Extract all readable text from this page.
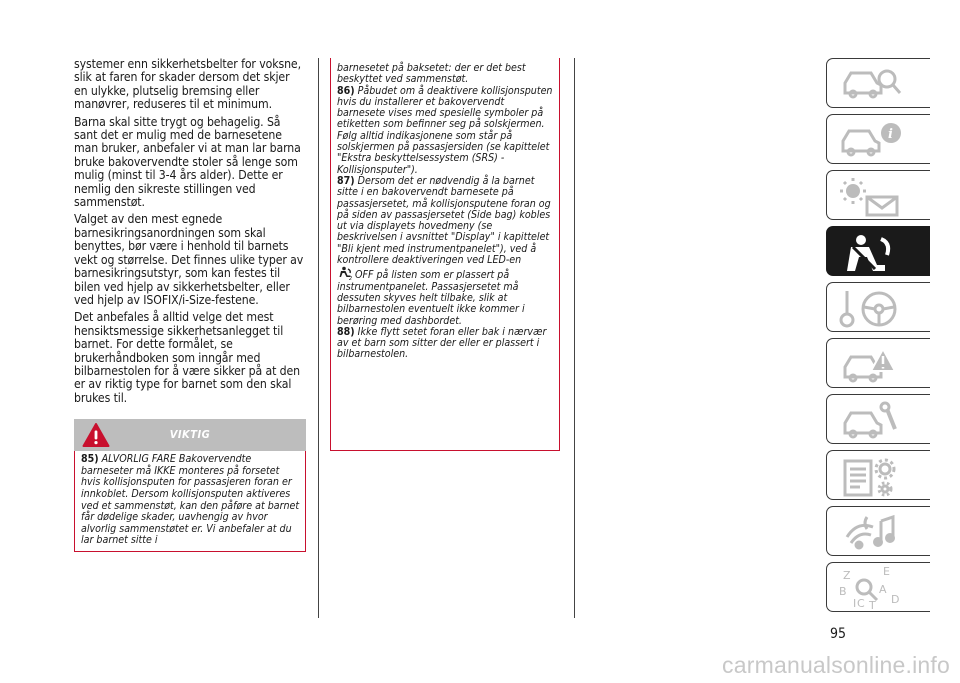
systemer enn sikkerhetsbelter for voksne, slik at faren for skader dersom det skjer en ulykke, plutselig bremsing eller manøvrer, reduseres til et minimum.

Barna skal sitte trygt og behagelig. Så sant det er mulig med de barnesetene man bruker, anbefaler vi at man lar barna bruke bakovervendte stoler så lenge som mulig (minst til 3-4 års alder). Dette er nemlig den sikreste stillingen ved sammenstøt.

Valget av den mest egnede barnesikringsanordningen som skal benyttes, bør være i henhold til barnets vekt og størrelse. Det finnes ulike typer av barnesikringsutstyr, som kan festes til bilen ved hjelp av sikkerhetsbelter, eller ved hjelp av ISOFIX/i-Size-festene.

Det anbefales å alltid velge det mest hensiktsmessige sikkerhetsanlegget til barnet. For dette formålet, se brukerhåndboken som inngår med bilbarnestolen for å være sikker på at den er av riktig type for barnet som den skal brukes til.

VIKTIG
85) ALVORLIG FARE Bakovervendte barneseter må IKKE monteres på forsetet hvis kollisjonsputen for passasjeren foran er innkoblet. Dersom kollisjonsputen aktiveres ved et sammenstøt, kan den påføre at barnet får dødelige skader, uavhengig av hvor alvorlig sammenstøtet er. Vi anbefaler at du lar barnet sitte i

barnesetet på baksetet: der er det best beskyttet ved sammenstøt.

86) Påbudet om å deaktivere kollisjonsputen hvis du installerer et bakovervendt barnesete vises med spesielle symboler på etiketten som befinner seg på solskjermen. Følg alltid indikasjonene som står på solskjermen på passasjersiden (se kapittelet "Ekstra beskyttelsessystem (SRS) - Kollisjonsputer").

87) Dersom det er nødvendig å la barnet sitte i en bakovervendt barnesete på passasjersetet, må kollisjonsputene foran og på siden av passasjersetet (Side bag) kobles ut via displayets hovedmeny (se beskrivelsen i avsnittet "Display" i kapittelet "Bli kjent med instrumentpanelet"), ved å kontrollere deaktiveringen ved LED-en

2 OFF på listen som er plassert på instrumentpanelet. Passasjersetet må dessuten skyves helt tilbake, slik at bilbarnestolen eventuelt ikke kommer i berøring med dashbordet.

88) Ikke flytt setet foran eller bak i nærvær av et barn som sitter der eller er plassert i bilbarnestolen.

i
Z	E
B	A
C T D
I
95
carmanualsonline.info
